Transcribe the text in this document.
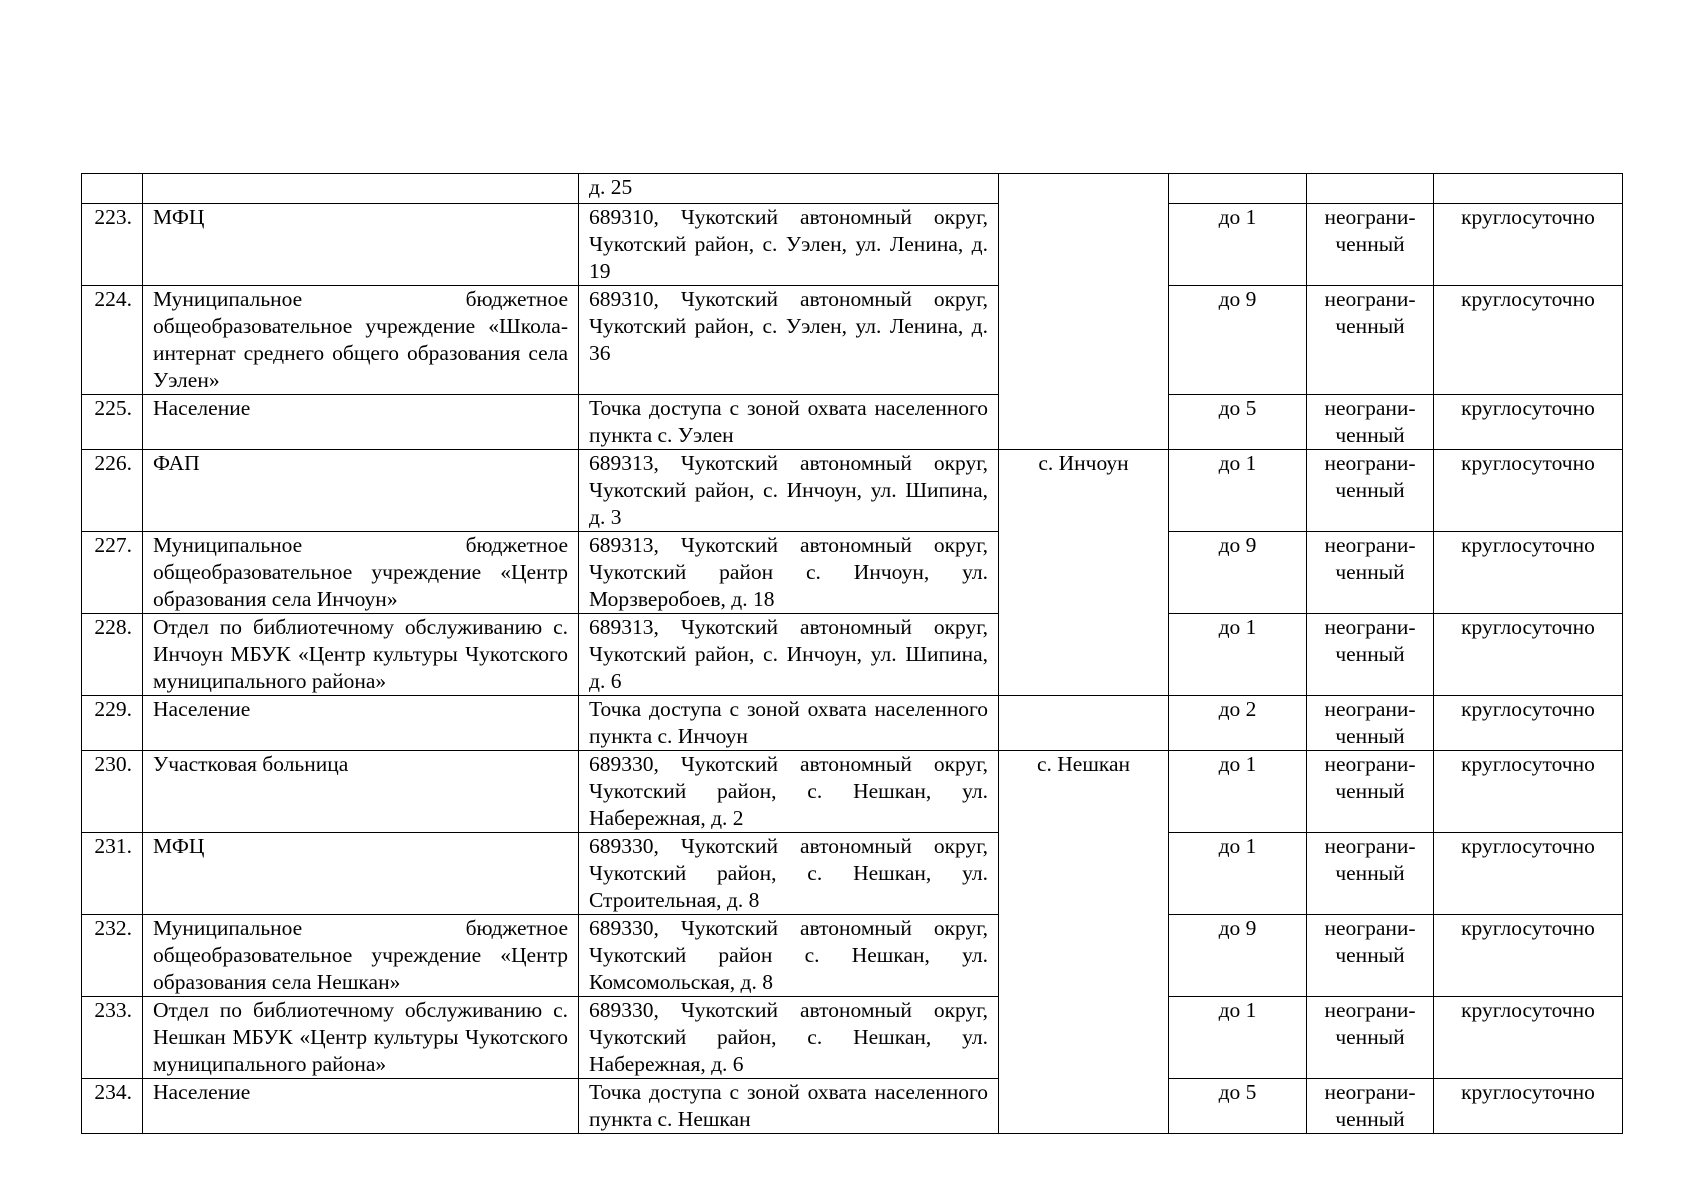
		д. 25				
223.	МФЦ	689310, Чукотский автономный округ, Чукотский район, с. Уэлен, ул. Ленина, д. 19		до 1	неограни-ченный	круглосуточно
224.	Муниципальное бюджетное общеобразовательное учреждение «Школа-интернат среднего общего образования села Уэлен»	689310, Чукотский автономный округ, Чукотский район, с. Уэлен, ул. Ленина, д. 36		до 9	неограни-ченный	круглосуточно
225.	Население	Точка доступа с зоной охвата населенного пункта с. Уэлен		до 5	неограни-ченный	круглосуточно
226.	ФАП	689313, Чукотский автономный округ, Чукотский район, с. Инчоун, ул. Шипина, д. 3	с. Инчоун	до 1	неограни-ченный	круглосуточно
227.	Муниципальное бюджетное общеобразовательное учреждение «Центр образования села Инчоун»	689313, Чукотский автономный округ, Чукотский район с. Инчоун, ул. Морзверобоев, д. 18		до 9	неограни-ченный	круглосуточно
228.	Отдел по библиотечному обслуживанию с. Инчоун МБУК «Центр культуры Чукотского муниципального района»	689313, Чукотский автономный округ, Чукотский район, с. Инчоун, ул. Шипина, д. 6		до 1	неограни-ченный	круглосуточно
229.	Население	Точка доступа с зоной охвата населенного пункта с. Инчоун		до 2	неограни-ченный	круглосуточно
230.	Участковая больница	689330, Чукотский автономный округ, Чукотский район, с. Нешкан, ул. Набережная, д. 2	с. Нешкан	до 1	неограни-ченный	круглосуточно
231.	МФЦ	689330, Чукотский автономный округ, Чукотский район, с. Нешкан, ул. Строительная, д. 8		до 1	неограни-ченный	круглосуточно
232.	Муниципальное бюджетное общеобразовательное учреждение «Центр образования села Нешкан»	689330, Чукотский автономный округ, Чукотский район с. Нешкан, ул. Комсомольская, д. 8		до 9	неограни-ченный	круглосуточно
233.	Отдел по библиотечному обслуживанию с. Нешкан МБУК «Центр культуры Чукотского муниципального района»	689330, Чукотский автономный округ, Чукотский район, с. Нешкан, ул. Набережная, д. 6		до 1	неограни-ченный	круглосуточно
234.	Население	Точка доступа с зоной охвата населенного пункта с. Нешкан		до 5	неограни-ченный	круглосуточно
